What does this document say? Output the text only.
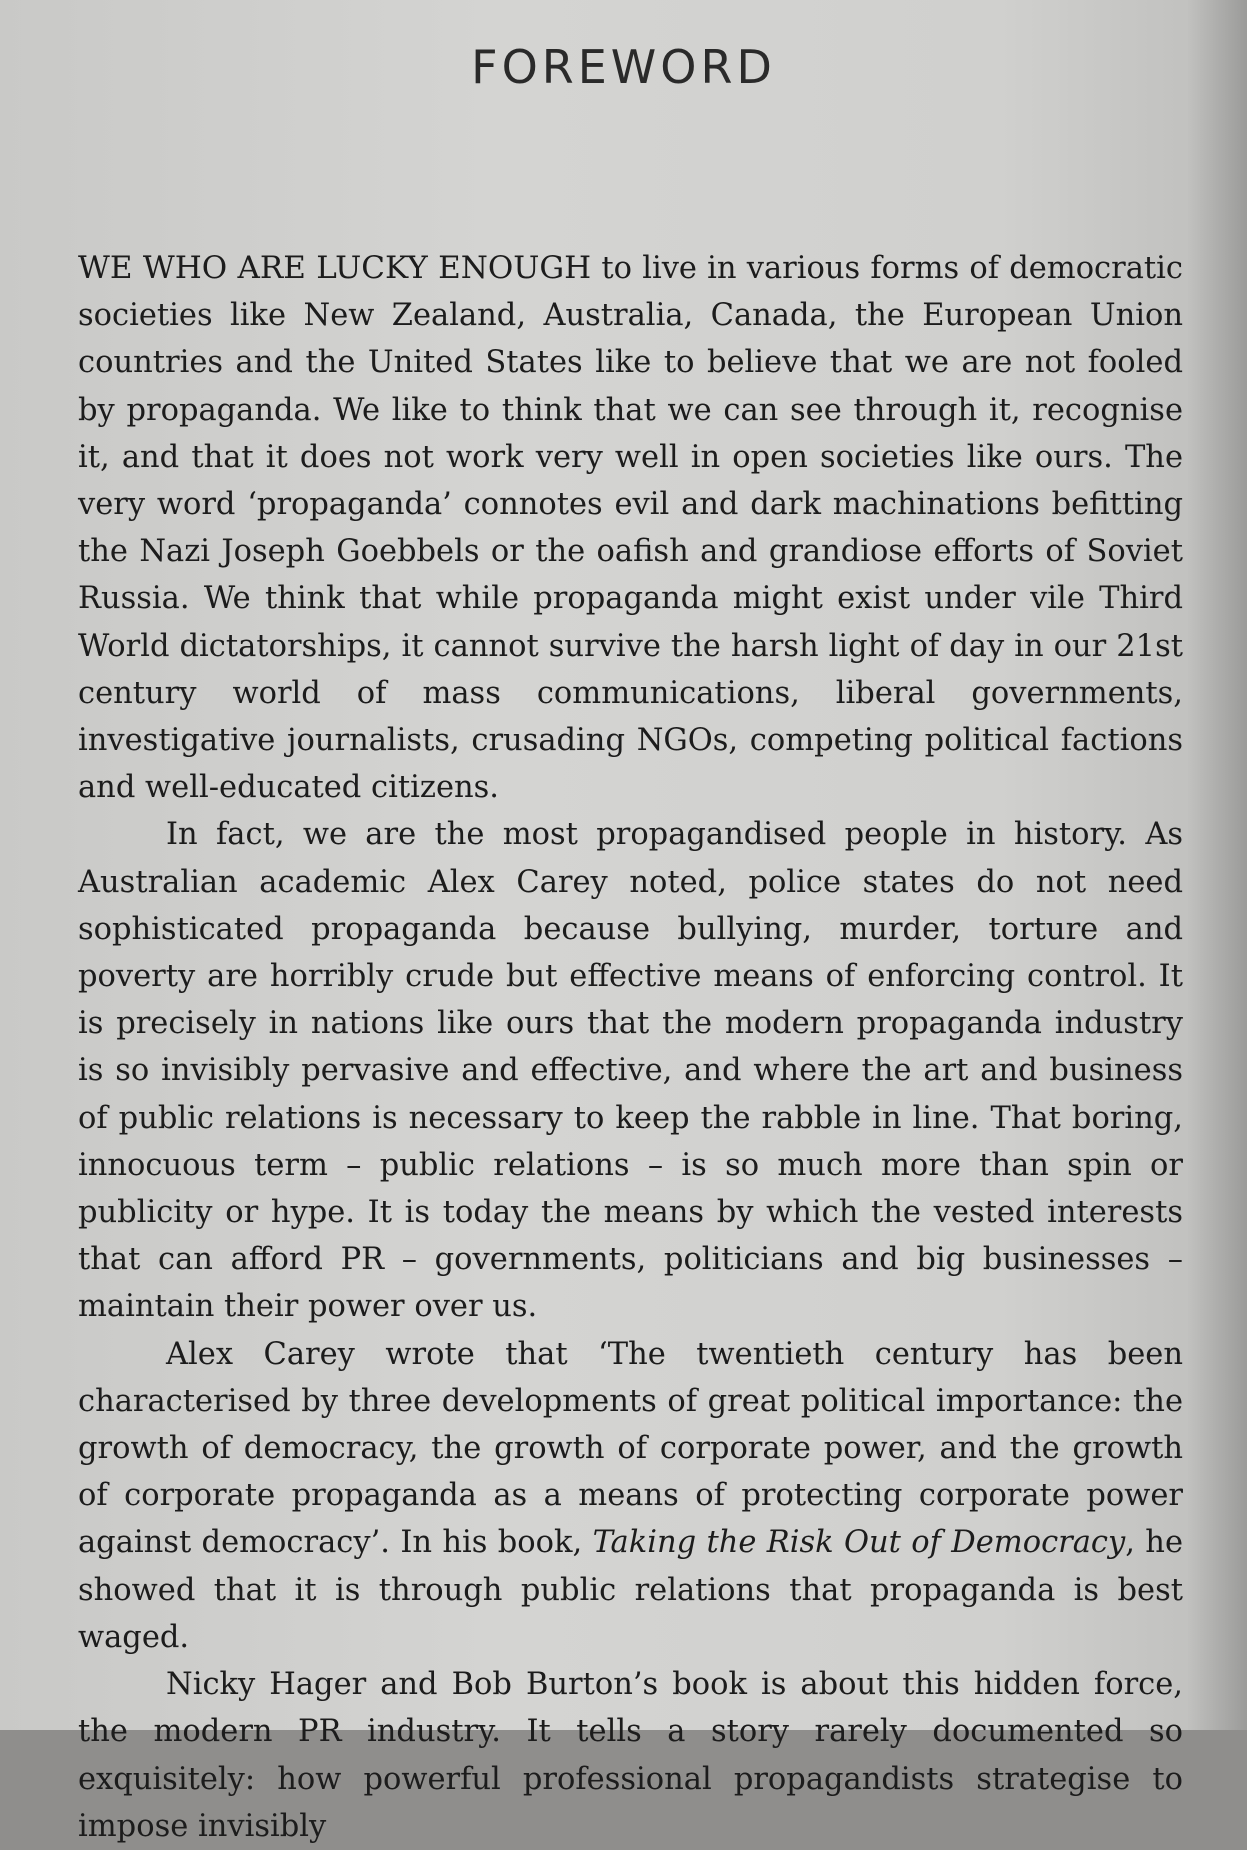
FOREWORD

WE WHO ARE LUCKY ENOUGH to live in various forms of democratic societies like New Zealand, Australia, Canada, the European Union countries and the United States like to believe that we are not fooled by propaganda. We like to think that we can see through it, recognise it, and that it does not work very well in open societies like ours. The very word ‘propaganda’ connotes evil and dark machinations befitting the Nazi Joseph Goebbels or the oafish and grandiose efforts of Soviet Russia. We think that while propaganda might exist under vile Third World dictatorships, it cannot survive the harsh light of day in our 21st century world of mass communications, liberal governments, investigative journalists, crusading NGOs, competing political factions and well-educated citizens.

In fact, we are the most propagandised people in history. As Australian academic Alex Carey noted, police states do not need sophisticated propaganda because bullying, murder, torture and poverty are horribly crude but effective means of enforcing control. It is precisely in nations like ours that the modern propaganda industry is so invisibly pervasive and effective, and where the art and business of public relations is necessary to keep the rabble in line. That boring, innocuous term – public relations – is so much more than spin or publicity or hype. It is today the means by which the vested interests that can afford PR – governments, politicians and big businesses – maintain their power over us.

Alex Carey wrote that ‘The twentieth century has been characterised by three developments of great political importance: the growth of democracy, the growth of corporate power, and the growth of corporate propaganda as a means of protecting corporate power against democracy’. In his book, Taking the Risk Out of Democracy, he showed that it is through public relations that propaganda is best waged.

Nicky Hager and Bob Burton’s book is about this hidden force, the modern PR industry. It tells a story rarely documented so exquisitely: how powerful professional propagandists strategise to impose invisibly
